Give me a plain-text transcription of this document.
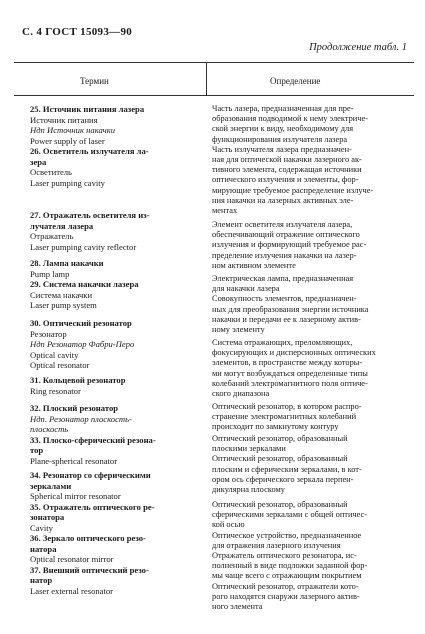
С. 4 ГОСТ 15093—90
Продолжение табл. 1
Термин	Определение
25. Источник питания лазера
Источник питания
Ндп Источник накачки
Power supply of laser
26. Осветитель излучателя ла-
зера
Осветитель
Laser pumping cavity
27. Отражатель осветителя из-
лучателя лазера
Отражатель
Laser pumping cavity reflector
28. Лампа накачки
Pump lamp
29. Система накачки лазера
Система накачки
Laser pump system
30. Оптический резонатор
Резонатор
Ндп Резонатор Фабри-Перо
Optical cavity
Optical resonator
31. Кольцевой резонатор
Ring resonator
32. Плоский резонатор
Ндп. Резонатор плоскость-
плоскость
33. Плоско-сферический резона-
тор
Plane-spherical resonator
34. Резонатор со сферическими
зеркалами
Spherical mirror resonator
35. Отражатель оптического ре-
зонатора
Cavity
36. Зеркало оптического резо-
натора
Optical resonator mirror
37. Внешний оптический резо-
натор
Laser external resonator
Часть лазера, предназначенная для пре-
образования подводимой к нему электриче-
ской энергии к виду, необходимому для
функционирования излучателя лазера
Часть излучателя лазера предназначен-
ная для оптической накачки лазерного ак-
тивного элемента, содержащая источники
оптического излучения и элементы, фор-
мирующие требуемое распределение излуче-
ния накачки на лазерных активных эле-
ментах
Элемент осветителя излучателя лазера,
обеспечивающий отражение оптического
излучения и формирующий требуемое рас-
пределение излучения накачки на лазер-
ном активном элементе
Электрическая лампа, предназначенная
для накачки лазера
Совокупность элементов, предназначен-
ных для преобразования энергии источника
накачки и передачи ее к лазерному актив-
ному элементу
Система отражающих, преломляющих,
фокусирующих и дисперсионных оптических
элементов, в пространстве между которы-
ми могут возбуждаться определенные типы
колебаний электромагнитного поля оптиче-
ского диапазона
Оптический резонатор, в котором распро-
странение электромагнитных колебаний
происходит по замкнутому контуру
Оптический резонатор, образованный
плоскими зеркалами
Оптический резонатор, образованный
плоским и сферическим зеркалами, в кот-
ором ось сферического зеркала перпен-
дикулярна плоскому
Оптический резонатор, образованный
сферическими зеркалами с общей оптичес-
кой осью
Оптическое устройство, предназначенное
для отражения лазерного излучения
Отражатель оптического резонатора, ис-
полненный в виде подложки заданной фор-
мы чаще всего с отражающим покрытием
Оптический резонатор, отражатели кото-
рого находятся снаружи лазерного актив-
ного элемента
